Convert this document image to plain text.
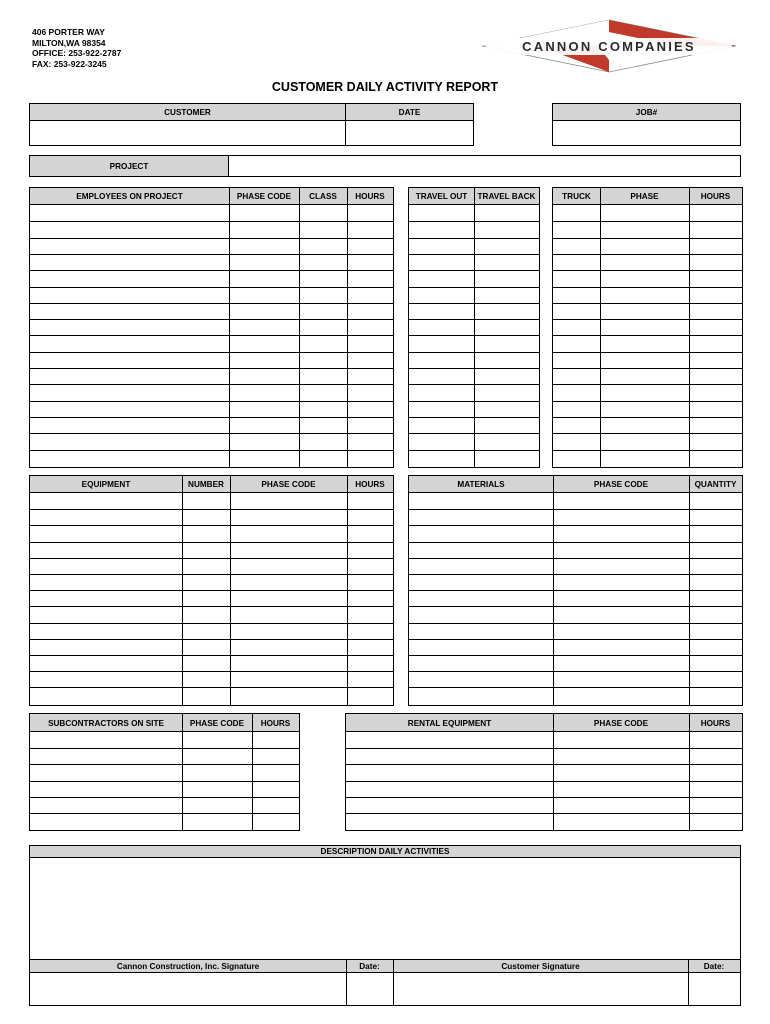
406 PORTER WAY
MILTON,WA 98354
OFFICE: 253-922-2787
FAX: 253-922-3245
CANNON COMPANIES
CUSTOMER DAILY ACTIVITY REPORT
CUSTOMER	DATE	JOB#
PROJECT
EMPLOYEES ON PROJECT	PHASE CODE	CLASS	HOURS	TRAVEL OUT	TRAVEL BACK	TRUCK	PHASE	HOURS
EQUIPMENT	NUMBER	PHASE CODE	HOURS	MATERIALS	PHASE CODE	QUANTITY
SUBCONTRACTORS ON SITE	PHASE CODE	HOURS	RENTAL EQUIPMENT	PHASE CODE	HOURS
DESCRIPTION DAILY ACTIVITIES
Cannon Construction, Inc. Signature	Date:	Customer Signature	Date:
